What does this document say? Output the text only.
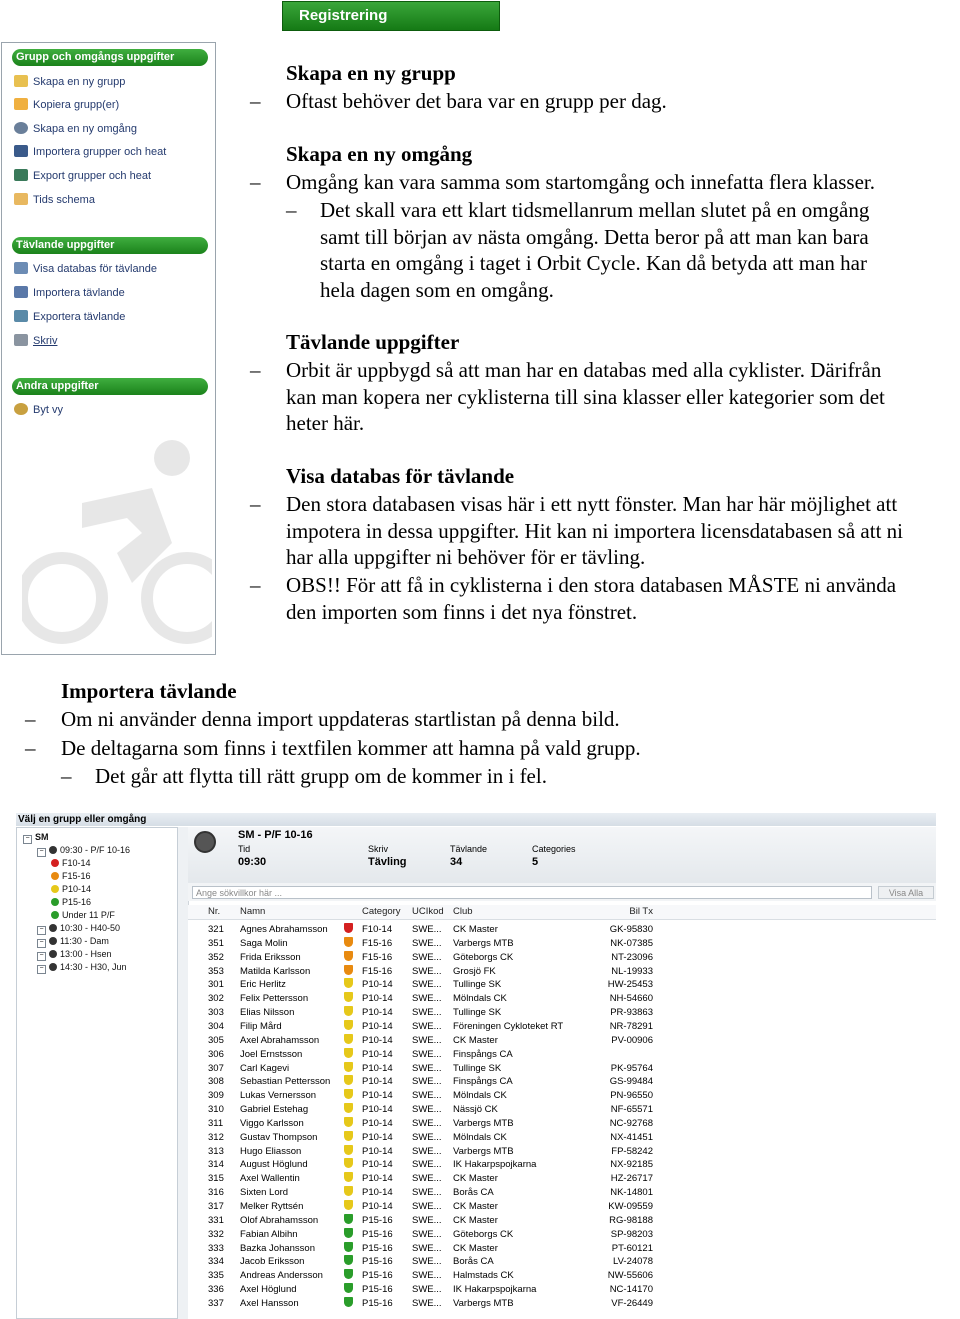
Registrering
Grupp och omgångs uppgifter
Skapa en ny grupp
Kopiera grupp(er)
Skapa en ny omgång
Importera grupper och heat
Export grupper och heat
Tids schema
Tävlande uppgifter
Visa databas för tävlande
Importera tävlande
Exportera tävlande
Skriv
Andra uppgifter
Byt vy
Skapa en ny grupp
– Oftast behöver det bara var en grupp per dag.
Skapa en ny omgång
– Omgång kan vara samma som startomgång och innefatta flera klasser.
– Det skall vara ett klart tidsmellanrum mellan slutet på en omgång
samt till början av nästa omgång. Detta beror på att man kan bara
starta en omgång i taget i Orbit Cycle. Kan då betyda att man har
hela dagen som en omgång.
Tävlande uppgifter
– Orbit är uppbygd så att man har en databas med alla cyklister. Därifrån
kan man kopera ner cyklisterna till sina klasser eller kategorier som det
heter här.
Visa databas för tävlande
– Den stora databasen visas här i ett nytt fönster. Man har här möjlighet att
impotera in dessa uppgifter. Hit kan ni importera licensdatabasen så att ni
har alla uppgifter ni behöver för er tävling.
– OBS!! För att få in cyklisterna i den stora databasen MÅSTE ni använda
den importen som finns i det nya fönstret.
Importera tävlande
– Om ni använder denna import uppdateras startlistan på denna bild.
– De deltagarna som finns i textfilen kommer att hamna på vald grupp.
– Det går att flytta till rätt grupp om de kommer in i fel.
Välj en grupp eller omgång
− SM
− 09:30 - P/F 10-16
F10-14
F15-16
P10-14
P15-16
Under 11 P/F
− 10:30 - H40-50
− 11:30 - Dam
− 13:00 - Hsen
− 14:30 - H30, Jun
SM - P/F 10-16
Tid
09:30
Skriv
Tävling
Tävlande
34
Categories
5
Ange sökvillkor här ...	Visa Alla
Nr.	Namn	Category	UCIkod Club	Bil Tx
321	Agnes Abrahamsson	F10-14	SWE...	CK Master	GK-95830
351	Saga Molin	F15-16	SWE...	Varbergs MTB	NK-07385
352	Frida Eriksson	F15-16	SWE...	Göteborgs CK	NT-23096
353	Matilda Karlsson	F15-16	SWE...	Grosjö FK	NL-19933
301	Eric Herlitz	P10-14	SWE...	Tullinge SK	HW-25453
302	Felix Pettersson	P10-14	SWE...	Mölndals CK	NH-54660
303	Elias Nilsson	P10-14	SWE...	Tullinge SK	PR-93863
304	Filip Mård	P10-14	SWE...	Föreningen Cykloteket RT	NR-78291
305	Axel Abrahamsson	P10-14	SWE...	CK Master	PV-00906
306	Joel Ernstsson	P10-14	SWE...	Finspångs CA
307	Carl Kagevi	P10-14	SWE...	Tullinge SK	PK-95764
308	Sebastian Pettersson	P10-14	SWE...	Finspångs CA	GS-99484
309	Lukas Vernersson	P10-14	SWE...	Mölndals CK	PN-96550
310	Gabriel Estehag	P10-14	SWE...	Nässjö CK	NF-65571
311	Viggo Karlsson	P10-14	SWE...	Varbergs MTB	NC-92768
312	Gustav Thompson	P10-14	SWE...	Mölndals CK	NX-41451
313	Hugo Eliasson	P10-14	SWE...	Varbergs MTB	FP-58242
314	August Höglund	P10-14	SWE...	IK Hakarpspojkarna	NX-92185
315	Axel Wallentin	P10-14	SWE...	CK Master	HZ-26717
316	Sixten Lord	P10-14	SWE...	Borås CA	NK-14801
317	Melker Ryttsén	P10-14	SWE...	CK Master	KW-09559
331	Olof Abrahamsson	P15-16	SWE...	CK Master	RG-98188
332	Fabian Albihn	P15-16	SWE...	Göteborgs CK	SP-98203
333	Bazka Johansson	P15-16	SWE...	CK Master	PT-60121
334	Jacob Eriksson	P15-16	SWE...	Borås CA	LV-24078
335	Andreas Andersson	P15-16	SWE...	Halmstads CK	NW-55606
336	Axel Höglund	P15-16	SWE...	IK Hakarpspojkarna	NC-14170
337	Axel Hansson	P15-16	SWE...	Varbergs MTB	VF-26449
